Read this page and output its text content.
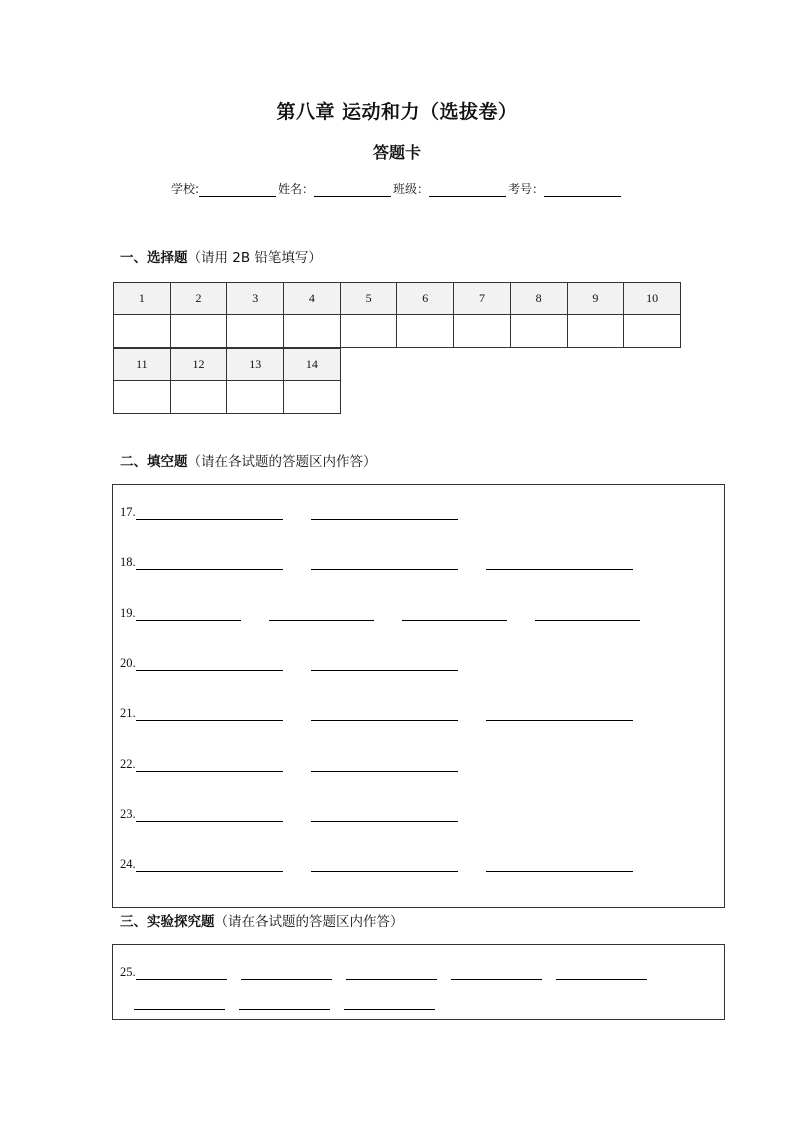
第八章 运动和力（选拔卷）
答题卡
学校:	姓名：	班级：	考号：
一、选择题（请用 2B 铅笔填写）
1	2	3	4	5	6	7	8	9	10

11	12	13	14

二、填空题（请在各试题的答题区内作答）
17.
18.
19.
20.
21.
22.
23.
24.
三、实验探究题（请在各试题的答题区内作答）
25.
